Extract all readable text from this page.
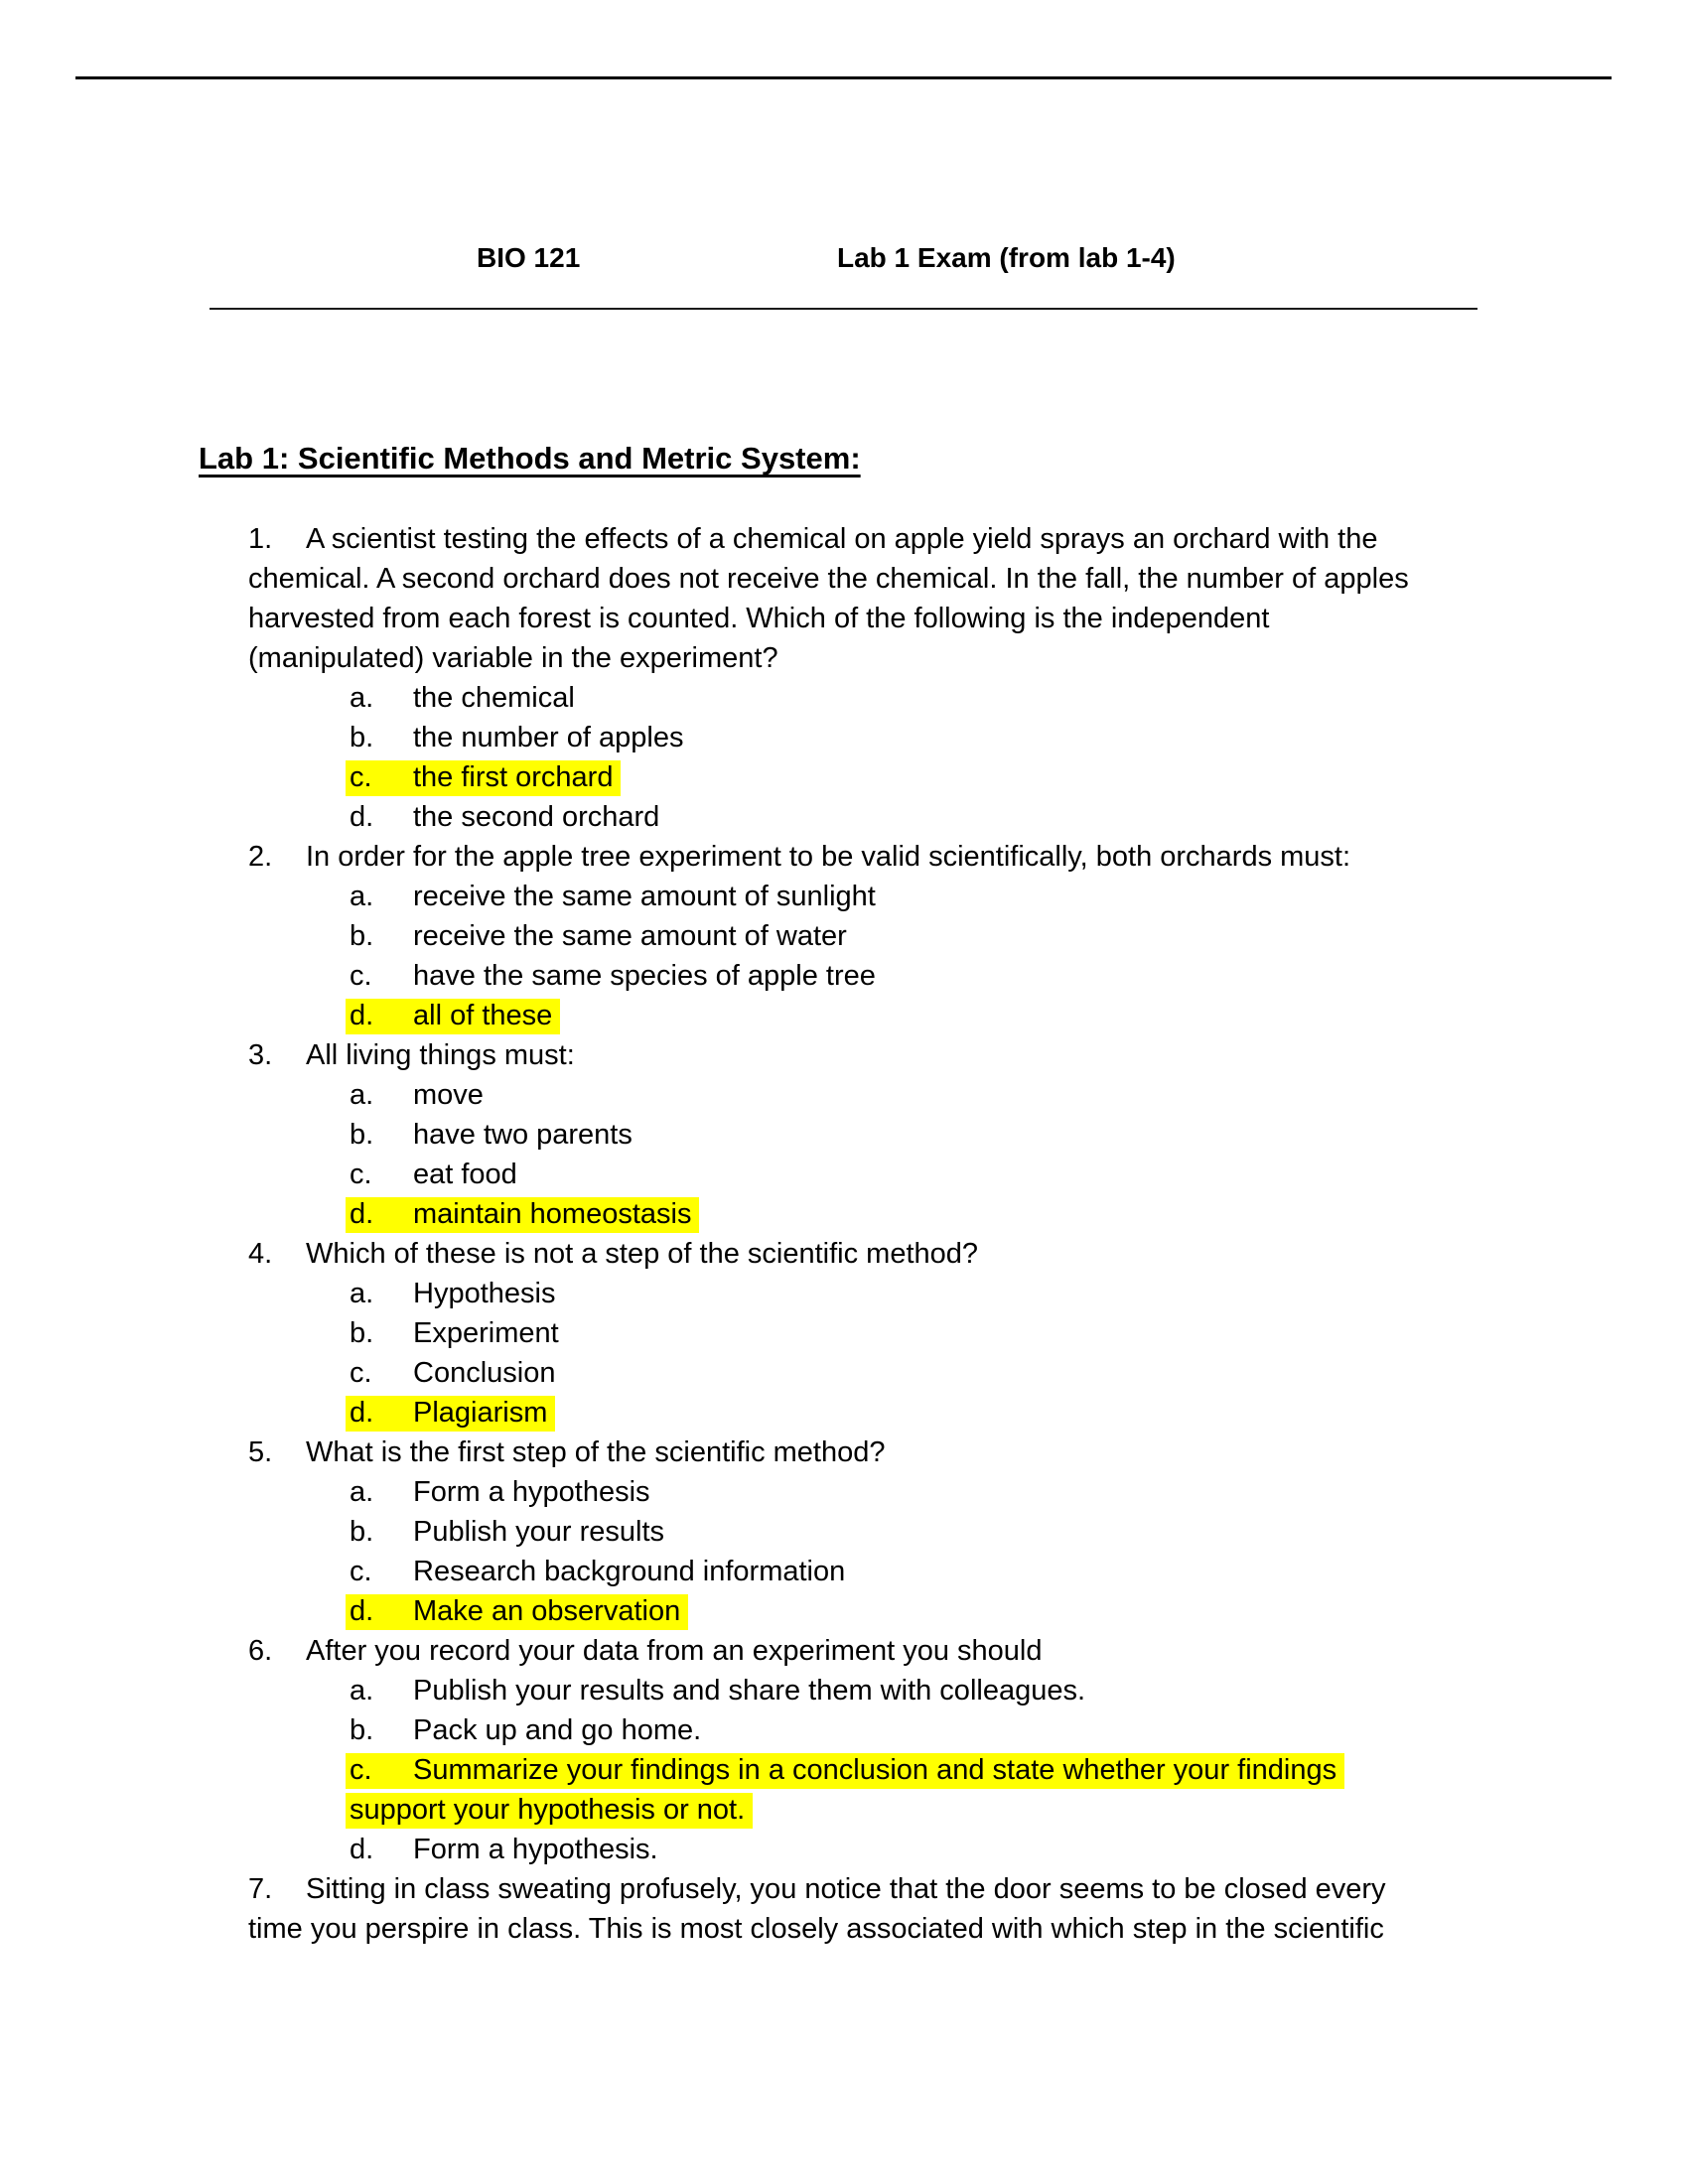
BIO 121	Lab 1 Exam (from lab 1-4)
Lab 1: Scientific Methods and Metric System:
1. A scientist testing the effects of a chemical on apple yield sprays an orchard with the
chemical. A second orchard does not receive the chemical. In the fall, the number of apples
harvested from each forest is counted. Which of the following is the independent
(manipulated) variable in the experiment?
a. the chemical
b. the number of apples
c. the first orchard
d. the second orchard
2. In order for the apple tree experiment to be valid scientifically, both orchards must:
a. receive the same amount of sunlight
b. receive the same amount of water
c. have the same species of apple tree
d. all of these
3. All living things must:
a. move
b. have two parents
c. eat food
d. maintain homeostasis
4. Which of these is not a step of the scientific method?
a. Hypothesis
b. Experiment
c. Conclusion
d. Plagiarism
5. What is the first step of the scientific method?
a. Form a hypothesis
b. Publish your results
c. Research background information
d. Make an observation
6. After you record your data from an experiment you should
a. Publish your results and share them with colleagues.
b. Pack up and go home.
c. Summarize your findings in a conclusion and state whether your findings
support your hypothesis or not.
d. Form a hypothesis.
7. Sitting in class sweating profusely, you notice that the door seems to be closed every
time you perspire in class. This is most closely associated with which step in the scientific
